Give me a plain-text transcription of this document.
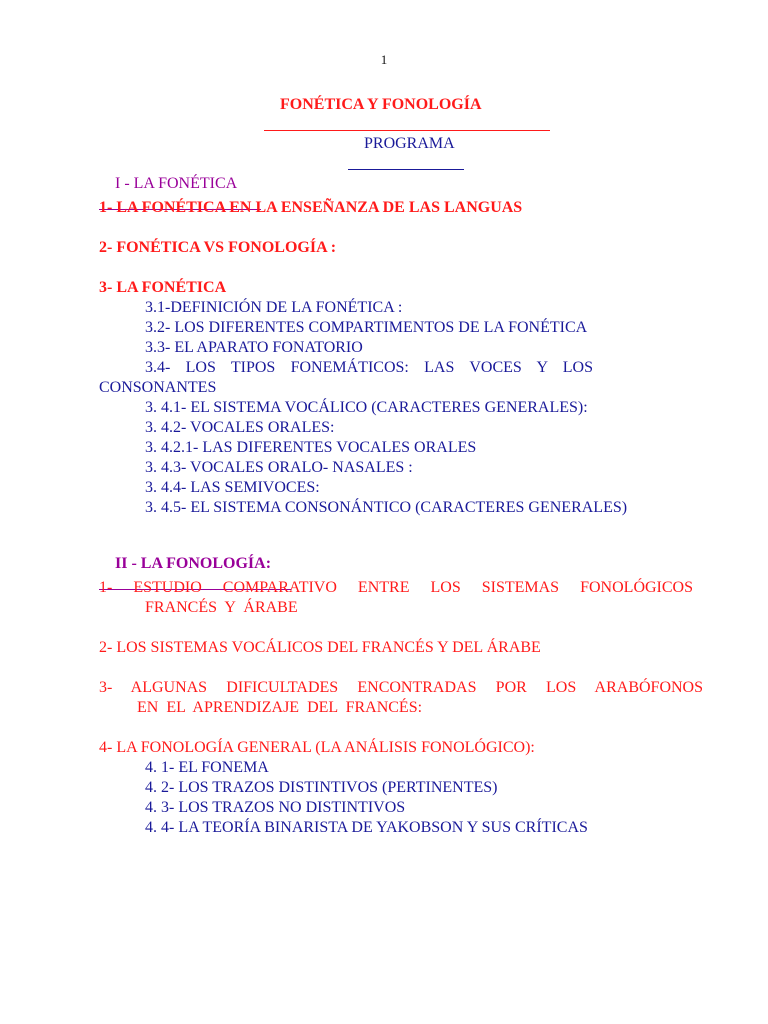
1

FONÉTICA Y FONOLOGÍA

PROGRAMA

I - LA FONÉTICA

1- LA FONÉTICA EN LA ENSEÑANZA DE LAS LANGUAS
2- FONÉTICA VS FONOLOGÍA :
3- LA FONÉTICA
3.1-DEFINICIÓN DE LA FONÉTICA :
3.2- LOS DIFERENTES COMPARTIMENTOS DE LA FONÉTICA
3.3- EL APARATO FONATORIO
3.4- LOS TIPOS FONEMÁTICOS: LAS VOCES Y LOS
CONSONANTES
3. 4.1- EL SISTEMA VOCÁLICO (CARACTERES GENERALES):
3. 4.2- VOCALES ORALES:
3. 4.2.1- LAS DIFERENTES VOCALES ORALES
3. 4.3- VOCALES ORALO- NASALES :
3. 4.4- LAS SEMIVOCES:
3. 4.5- EL SISTEMA CONSONÁNTICO (CARACTERES GENERALES)

II - LA FONOLOGÍA:

1- ESTUDIO COMPARATIVO ENTRE LOS SISTEMAS FONOLÓGICOS
FRANCÉS  Y  ÁRABE
2- LOS SISTEMAS VOCÁLICOS DEL FRANCÉS Y DEL ÁRABE
3- ALGUNAS DIFICULTADES ENCONTRADAS POR LOS ARABÓFONOS
EN  EL  APRENDIZAJE  DEL  FRANCÉS:
4- LA FONOLOGÍA GENERAL (LA ANÁLISIS FONOLÓGICO):
4. 1- EL FONEMA
4. 2- LOS TRAZOS DISTINTIVOS (PERTINENTES)
4. 3- LOS TRAZOS NO DISTINTIVOS
4. 4- LA TEORÍA BINARISTA DE YAKOBSON Y SUS CRÍTICAS
